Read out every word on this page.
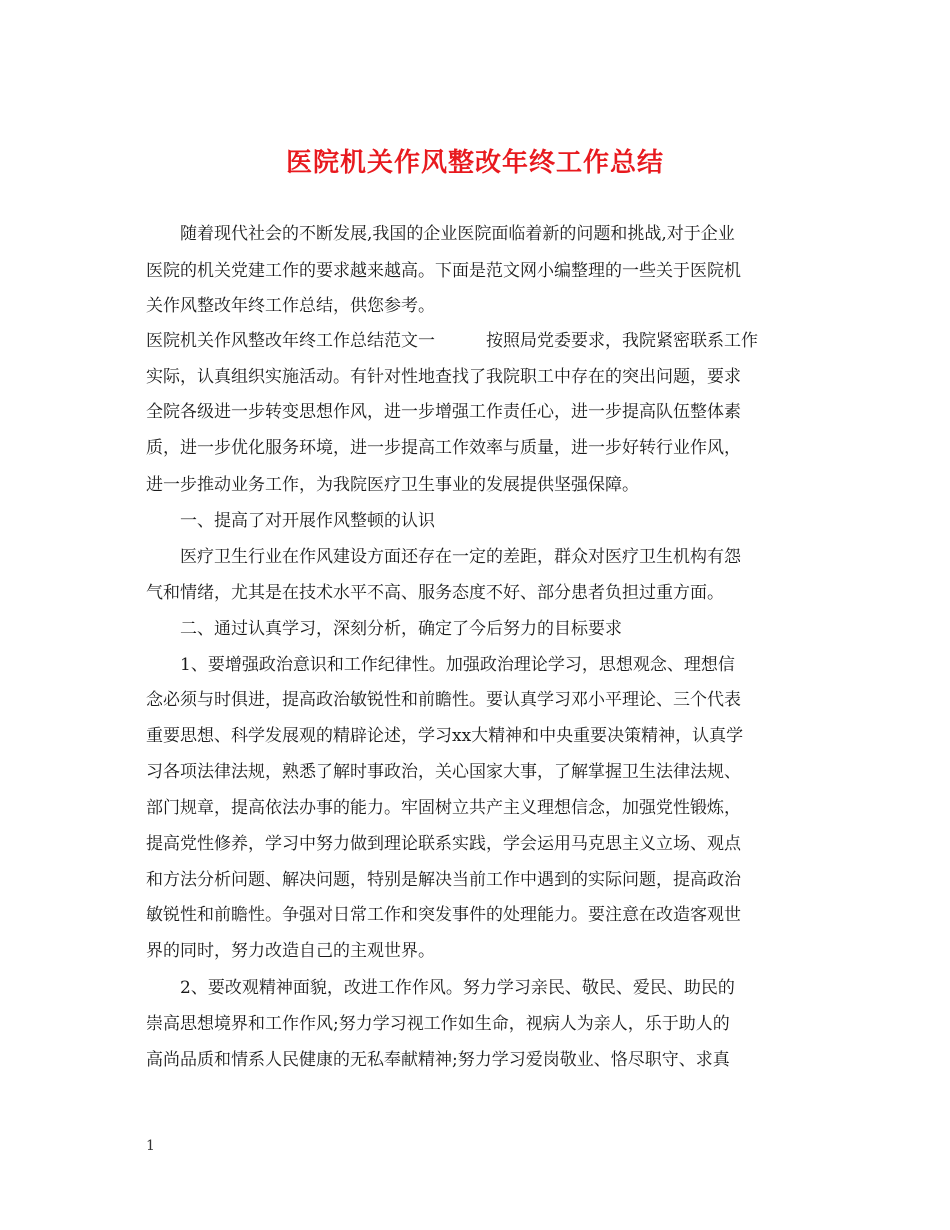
医院机关作风整改年终工作总结
　　随着现代社会的不断发展,我国的企业医院面临着新的问题和挑战,对于企业
医院的机关党建工作的要求越来越高。下面是范文网小编整理的一些关于医院机
关作风整改年终工作总结，供您参考。
医院机关作风整改年终工作总结范文一　　　按照局党委要求，我院紧密联系工作
实际，认真组织实施活动。有针对性地查找了我院职工中存在的突出问题，要求
全院各级进一步转变思想作风，进一步增强工作责任心，进一步提高队伍整体素
质，进一步优化服务环境，进一步提高工作效率与质量，进一步好转行业作风，
进一步推动业务工作，为我院医疗卫生事业的发展提供坚强保障。
　　一、提高了对开展作风整顿的认识
　　医疗卫生行业在作风建设方面还存在一定的差距，群众对医疗卫生机构有怨
气和情绪，尤其是在技术水平不高、服务态度不好、部分患者负担过重方面。
　　二、通过认真学习，深刻分析，确定了今后努力的目标要求
　　1、要增强政治意识和工作纪律性。加强政治理论学习，思想观念、理想信
念必须与时俱进，提高政治敏锐性和前瞻性。要认真学习邓小平理论、三个代表
重要思想、科学发展观的精辟论述，学习xx大精神和中央重要决策精神，认真学
习各项法律法规，熟悉了解时事政治，关心国家大事，了解掌握卫生法律法规、
部门规章，提高依法办事的能力。牢固树立共产主义理想信念，加强党性锻炼，
提高党性修养，学习中努力做到理论联系实践，学会运用马克思主义立场、观点
和方法分析问题、解决问题，特别是解决当前工作中遇到的实际问题，提高政治
敏锐性和前瞻性。争强对日常工作和突发事件的处理能力。要注意在改造客观世
界的同时，努力改造自己的主观世界。
　　2、要改观精神面貌，改进工作作风。努力学习亲民、敬民、爱民、助民的
崇高思想境界和工作作风;努力学习视工作如生命，视病人为亲人，乐于助人的
高尚品质和情系人民健康的无私奉献精神;努力学习爱岗敬业、恪尽职守、求真
1
